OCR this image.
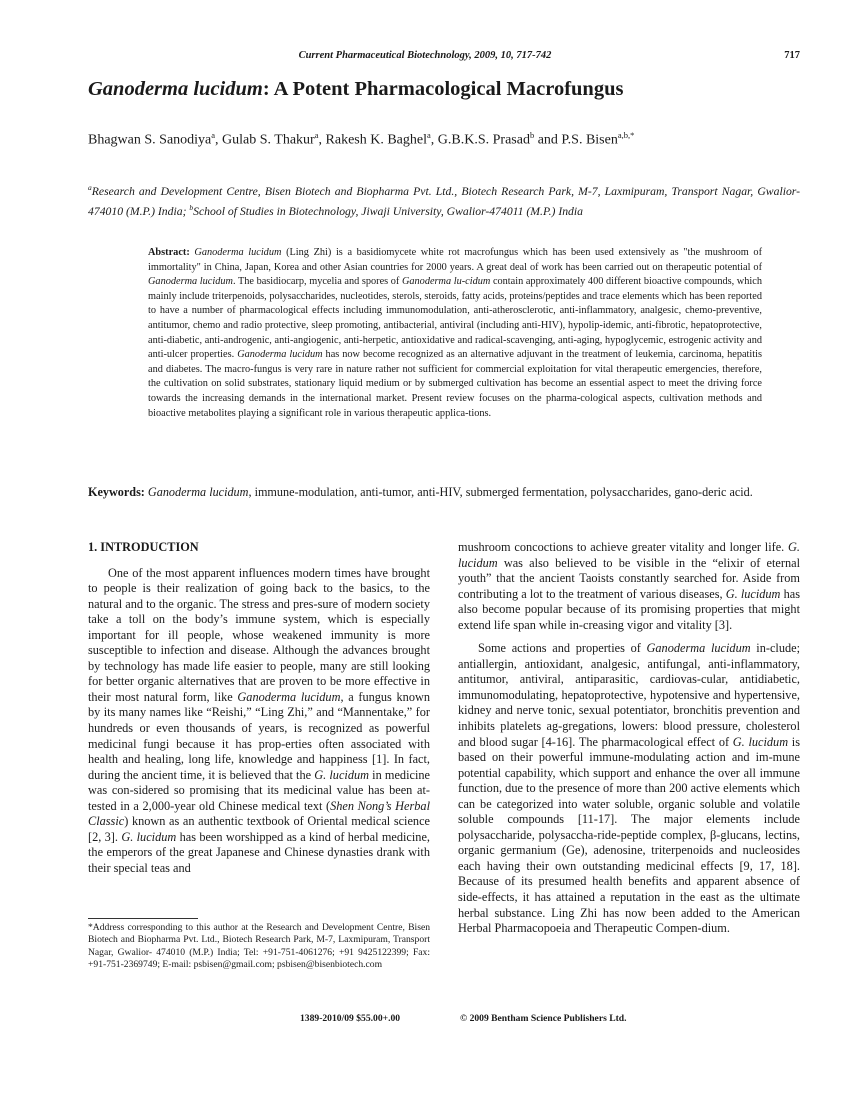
Current Pharmaceutical Biotechnology, 2009, 10, 717-742	717
Ganoderma lucidum: A Potent Pharmacological Macrofungus
Bhagwan S. Sanodiya$^a$, Gulab S. Thakur$^a$, Rakesh K. Baghel$^a$, G.B.K.S. Prasad$^b$ and P.S. Bisen$^{a,b,*}$
$^a$Research and Development Centre, Bisen Biotech and Biopharma Pvt. Ltd., Biotech Research Park, M-7, Laxmipuram, Transport Nagar, Gwalior-474010 (M.P.) India; $^b$School of Studies in Biotechnology, Jiwaji University, Gwalior-474011 (M.P.) India
Abstract: Ganoderma lucidum (Ling Zhi) is a basidiomycete white rot macrofungus which has been used extensively as "the mushroom of immortality" in China, Japan, Korea and other Asian countries for 2000 years. A great deal of work has been carried out on therapeutic potential of Ganoderma lucidum. The basidiocarp, mycelia and spores of Ganoderma lu-cidum contain approximately 400 different bioactive compounds, which mainly include triterpenoids, polysaccharides, nucleotides, sterols, steroids, fatty acids, proteins/peptides and trace elements which has been reported to have a number of pharmacological effects including immunomodulation, anti-atherosclerotic, anti-inflammatory, analgesic, chemo-preventive, antitumor, chemo and radio protective, sleep promoting, antibacterial, antiviral (including anti-HIV), hypolip-idemic, anti-fibrotic, hepatoprotective, anti-diabetic, anti-androgenic, anti-angiogenic, anti-herpetic, antioxidative and radical-scavenging, anti-aging, hypoglycemic, estrogenic activity and anti-ulcer properties. Ganoderma lucidum has now become recognized as an alternative adjuvant in the treatment of leukemia, carcinoma, hepatitis and diabetes. The macro-fungus is very rare in nature rather not sufficient for commercial exploitation for vital therapeutic emergencies, therefore, the cultivation on solid substrates, stationary liquid medium or by submerged cultivation has become an essential aspect to meet the driving force towards the increasing demands in the international market. Present review focuses on the pharma-cological aspects, cultivation methods and bioactive metabolites playing a significant role in various therapeutic applica-tions.
Keywords: Ganoderma lucidum, immune-modulation, anti-tumor, anti-HIV, submerged fermentation, polysaccharides, gano-deric acid.
1. INTRODUCTION

One of the most apparent influences modern times have brought to people is their realization of going back to the basics, to the natural and to the organic. The stress and pres-sure of modern society take a toll on the body’s immune system, which is especially important for ill people, whose weakened immunity is more susceptible to infection and disease. Although the advances brought by technology has made life easier to people, many are still looking for better organic alternatives that are proven to be more effective in their most natural form, like Ganoderma lucidum, a fungus known by its many names like “Reishi,” “Ling Zhi,” and “Mannentake,” for hundreds or even thousands of years, is recognized as powerful medicinal fungi because it has prop-erties often associated with health and healing, long life, knowledge and happiness [1]. In fact, during the ancient time, it is believed that the G. lucidum in medicine was con-sidered so promising that its medicinal value has been at-tested in a 2,000-year old Chinese medical text (Shen Nong’s Herbal Classic) known as an authentic textbook of Oriental medical science [2, 3]. G. lucidum has been worshipped as a kind of herbal medicine, the emperors of the great Japanese and Chinese dynasties drank with their special teas and

mushroom concoctions to achieve greater vitality and longer life. G. lucidum was also believed to be visible in the “elixir of eternal youth” that the ancient Taoists constantly searched for. Aside from contributing a lot to the treatment of various diseases, G. lucidum has also become popular because of its promising properties that might extend life span while in-creasing vigor and vitality [3].

Some actions and properties of Ganoderma lucidum in-clude; antiallergin, antioxidant, analgesic, antifungal, anti-inflammatory, antitumor, antiviral, antiparasitic, cardiovas-cular, antidiabetic, immunomodulating, hepatoprotective, hypotensive and hypertensive, kidney and nerve tonic, sexual potentiator, bronchitis prevention and inhibits platelets ag-gregations, lowers: blood pressure, cholesterol and blood sugar [4-16]. The pharmacological effect of G. lucidum is based on their powerful immune-modulating action and im-mune potential capability, which support and enhance the over all immune function, due to the presence of more than 200 active elements which can be categorized into water soluble, organic soluble and volatile soluble compounds [11-17]. The major elements include polysaccharide, polysaccha-ride-peptide complex, β-glucans, lectins, organic germanium (Ge), adenosine, triterpenoids and nucleosides each having their own outstanding medicinal effects [9, 17, 18]. Because of its presumed health benefits and apparent absence of side-effects, it has attained a reputation in the east as the ultimate herbal substance. Ling Zhi has now been added to the American Herbal Pharmacopoeia and Therapeutic Compen-dium.

*Address corresponding to this author at the Research and Development Centre, Bisen Biotech and Biopharma Pvt. Ltd., Biotech Research Park, M-7, Laxmipuram, Transport Nagar, Gwalior- 474010 (M.P.) India; Tel: +91-751-4061276; +91 9425122399; Fax: +91-751-2369749; E-mail: psbisen@gmail.com; psbisen@bisenbiotech.com
1389-2010/09 $55.00+.00	© 2009 Bentham Science Publishers Ltd.
